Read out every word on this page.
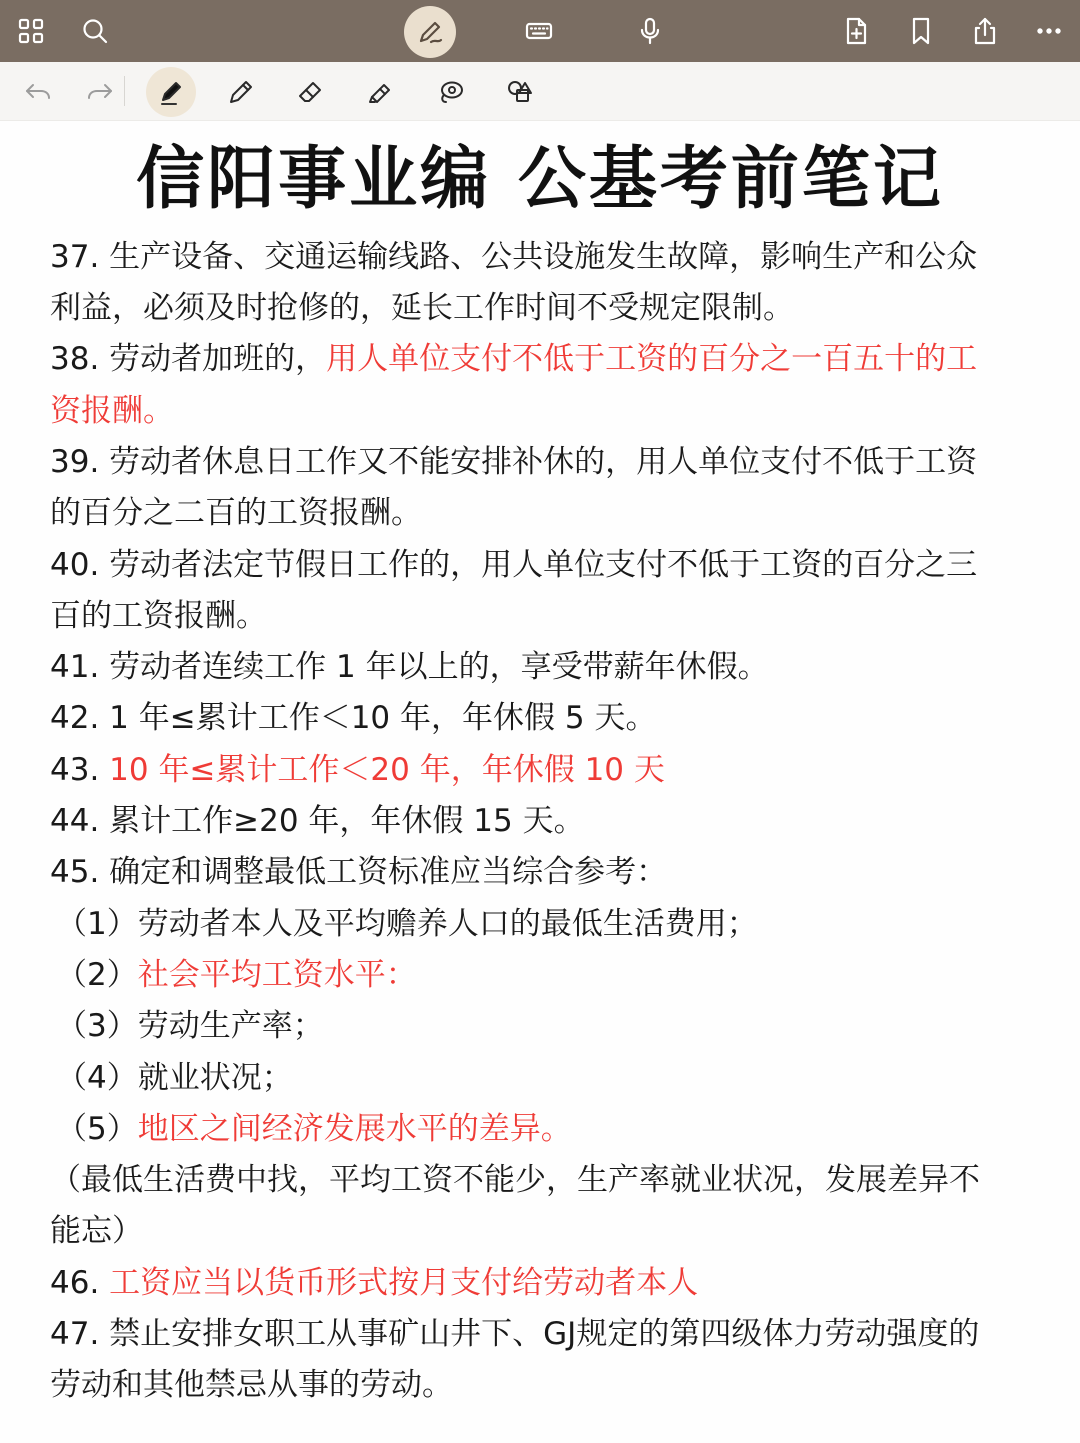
信阳事业编 公基考前笔记
37. 生产设备、交通运输线路、公共设施发生故障，影响生产和公众
利益，必须及时抢修的，延长工作时间不受规定限制。
38. 劳动者加班的，用人单位支付不低于工资的百分之一百五十的工
资报酬。
39. 劳动者休息日工作又不能安排补休的，用人单位支付不低于工资
的百分之二百的工资报酬。
40. 劳动者法定节假日工作的，用人单位支付不低于工资的百分之三
百的工资报酬。
41. 劳动者连续工作 1 年以上的，享受带薪年休假。
42. 1 年≤累计工作＜10 年，年休假 5 天。
43. 10 年≤累计工作＜20 年，年休假 10 天
44. 累计工作≥20 年，年休假 15 天。
45. 确定和调整最低工资标准应当综合参考：
（1）劳动者本人及平均赡养人口的最低生活费用；
（2）社会平均工资水平：
（3）劳动生产率；
（4）就业状况；
（5）地区之间经济发展水平的差异。
（最低生活费中找，平均工资不能少，生产率就业状况，发展差异不
能忘）
46. 工资应当以货币形式按月支付给劳动者本人
47. 禁止安排女职工从事矿山井下、GJ规定的第四级体力劳动强度的
劳动和其他禁忌从事的劳动。
